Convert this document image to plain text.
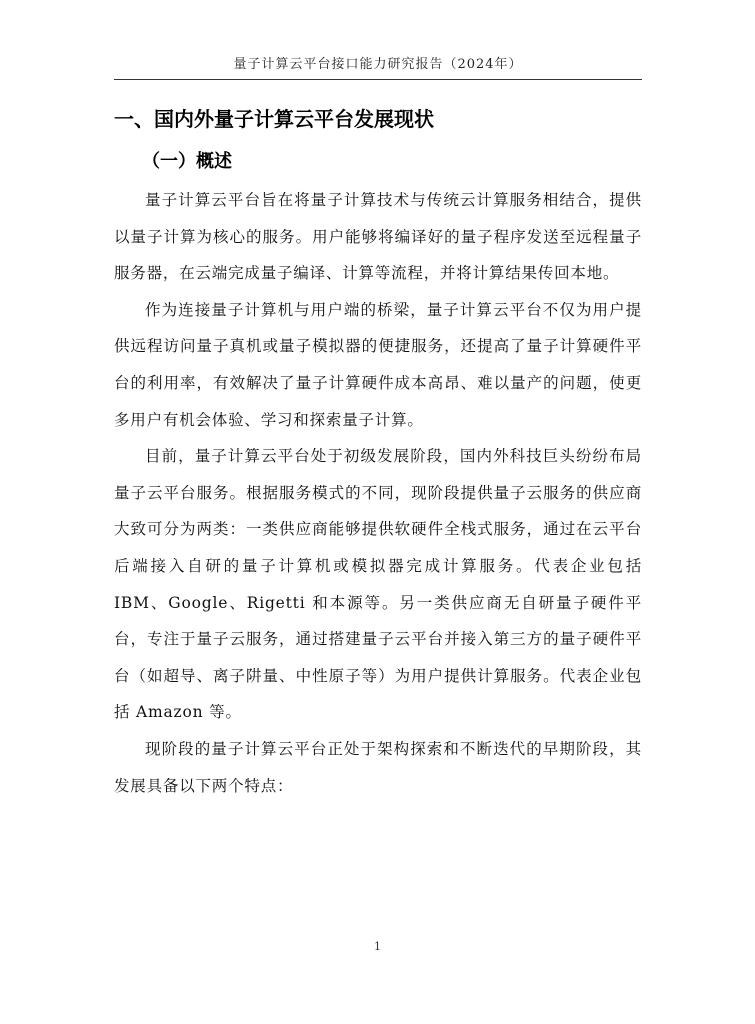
量子计算云平台接口能力研究报告（2024年）
一、国内外量子计算云平台发展现状
（一）概述

量子计算云平台旨在将量子计算技术与传统云计算服务相结合，提供以量子计算为核心的服务。用户能够将编译好的量子程序发送至远程量子服务器，在云端完成量子编译、计算等流程，并将计算结果传回本地。

作为连接量子计算机与用户端的桥梁，量子计算云平台不仅为用户提供远程访问量子真机或量子模拟器的便捷服务，还提高了量子计算硬件平台的利用率，有效解决了量子计算硬件成本高昂、难以量产的问题，使更多用户有机会体验、学习和探索量子计算。

目前，量子计算云平台处于初级发展阶段，国内外科技巨头纷纷布局量子云平台服务。根据服务模式的不同，现阶段提供量子云服务的供应商大致可分为两类：一类供应商能够提供软硬件全栈式服务，通过在云平台后端接入自研的量子计算机或模拟器完成计算服务。代表企业包括 IBM、Google、Rigetti 和本源等。另一类供应商无自研量子硬件平台，专注于量子云服务，通过搭建量子云平台并接入第三方的量子硬件平台（如超导、离子阱量、中性原子等）为用户提供计算服务。代表企业包括 Amazon 等。

现阶段的量子计算云平台正处于架构探索和不断迭代的早期阶段，其发展具备以下两个特点：

1
